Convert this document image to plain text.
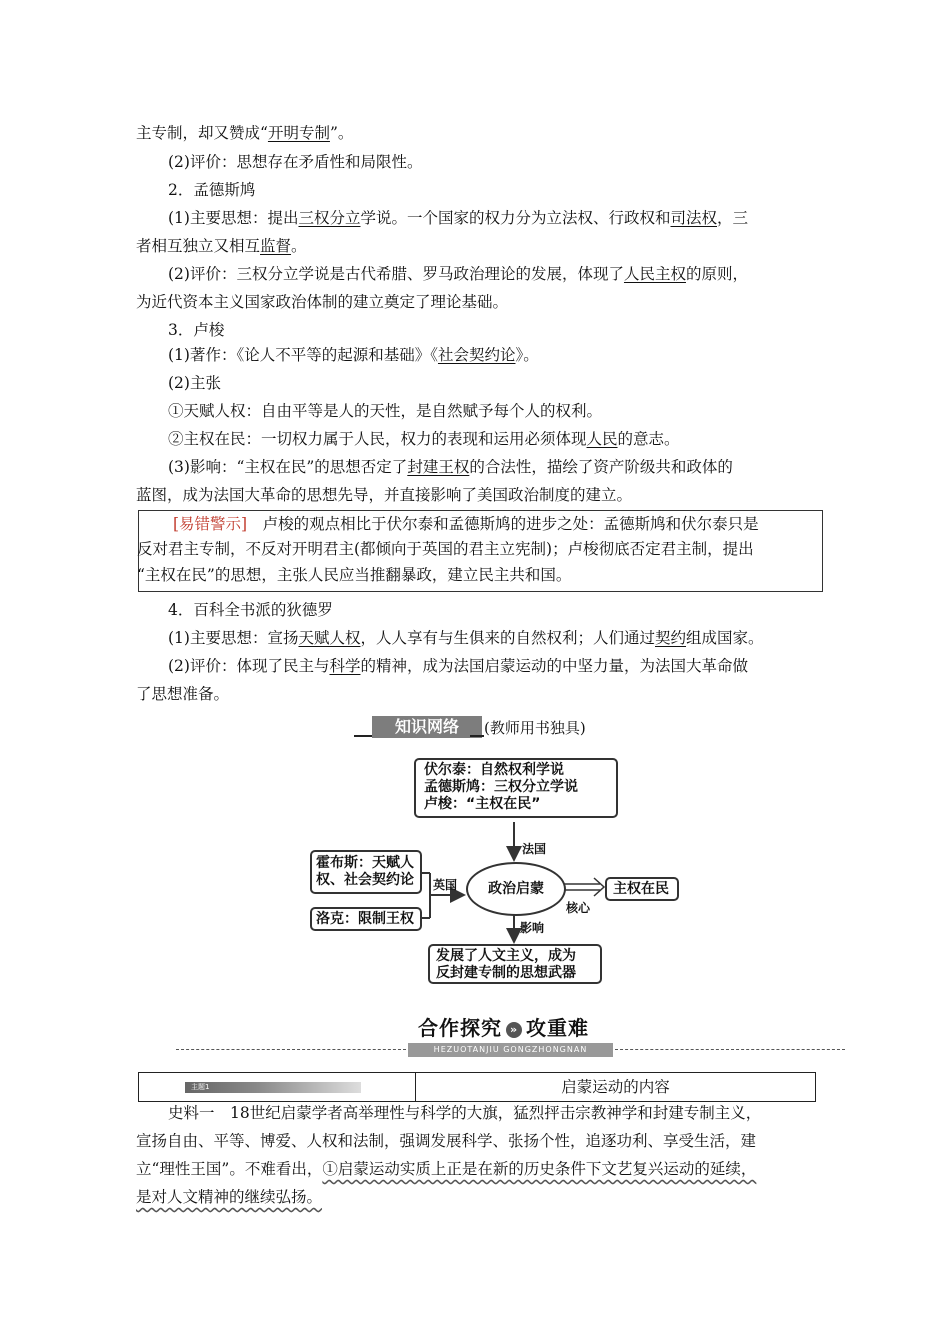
主专制，却又赞成“开明专制”。
(2)评价：思想存在矛盾性和局限性。
2．孟德斯鸠
(1)主要思想：提出三权分立学说。一个国家的权力分为立法权、行政权和司法权，三
者相互独立又相互监督。
(2)评价：三权分立学说是古代希腊、罗马政治理论的发展，体现了人民主权的原则，
为近代资本主义国家政治体制的建立奠定了理论基础。
3．卢梭
(1)著作：《论人不平等的起源和基础》《社会契约论》。
(2)主张
①天赋人权：自由平等是人的天性，是自然赋予每个人的权利。
②主权在民：一切权力属于人民，权力的表现和运用必须体现人民的意志。
(3)影响：“主权在民”的思想否定了封建王权的合法性，描绘了资产阶级共和政体的
蓝图，成为法国大革命的思想先导，并直接影响了美国政治制度的建立。
[易错警示]　 卢梭的观点相比于伏尔泰和孟德斯鸠的进步之处：孟德斯鸠和伏尔泰只是
反对君主专制，不反对开明君主(都倾向于英国的君主立宪制)；卢梭彻底否定君主制，提出
“主权在民”的思想，主张人民应当推翻暴政，建立民主共和国。
4．百科全书派的狄德罗
(1)主要思想：宣扬天赋人权，人人享有与生俱来的自然权利；人们通过契约组成国家。
(2)评价：体现了民主与科学的精神，成为法国启蒙运动的中坚力量，为法国大革命做
了思想准备。
知识网络	(教师用书独具)
伏尔泰：自然权利学说
孟德斯鸠：三权分立学说
卢梭：“主权在民”
法国
霍布斯：天赋人
权、社会契约论
洛克：限制王权
英国	政治启蒙	主权在民
核心
影响
发展了人文主义，成为
反封建专制的思想武器
合作探究 » 攻重难
HEZUOTANJIU GONGZHONGNAN
主题1	启蒙运动的内容
史料一　18世纪启蒙学者高举理性与科学的大旗，猛烈抨击宗教神学和封建专制主义，
宣扬自由、平等、博爱、人权和法制，强调发展科学、张扬个性，追逐功利、享受生活，建
立“理性王国”。不难看出，①启蒙运动实质上正是在新的历史条件下文艺复兴运动的延续，
是对人文精神的继续弘扬。
